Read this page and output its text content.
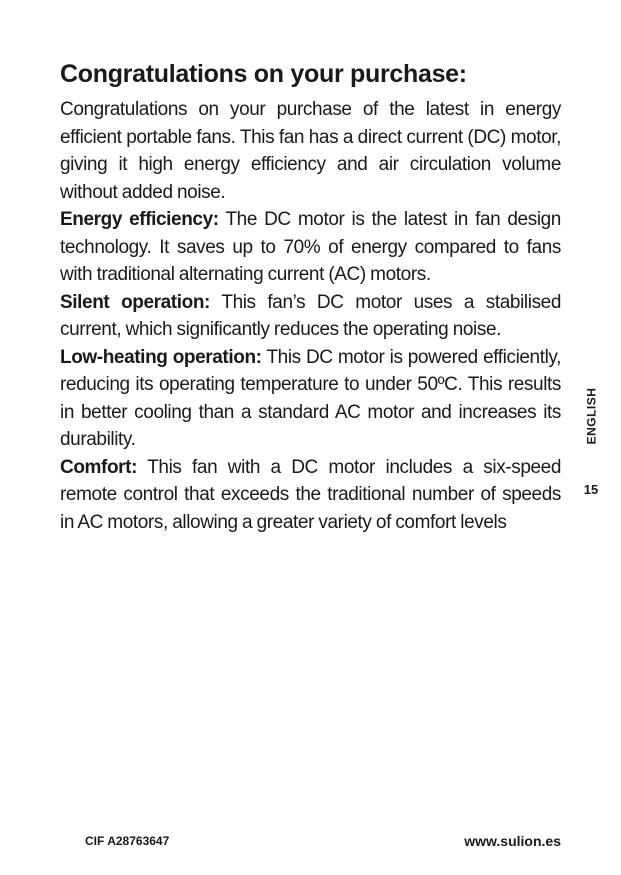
Congratulations on your purchase:

Congratulations on your purchase of the latest in energy efficient portable fans. This fan has a direct current (DC) motor, giving it high energy efficiency and air circulation volume without added noise.

Energy efficiency: The DC motor is the latest in fan design technology. It saves up to 70% of energy compared to fans with traditional alternating current (AC) motors.

Silent operation: This fan’s DC motor uses a stabilised current, which significantly reduces the operating noise.

Low-heating operation: This DC motor is powered efficiently, reducing its operating temperature to under 50ºC. This results in better cooling than a standard AC motor and increases its durability.

Comfort: This fan with a DC motor includes a six-speed remote control that exceeds the traditional number of speeds in AC motors, allowing a greater variety of comfort levels

ENGLISH
15
CIF A28763647	www.sulion.es
